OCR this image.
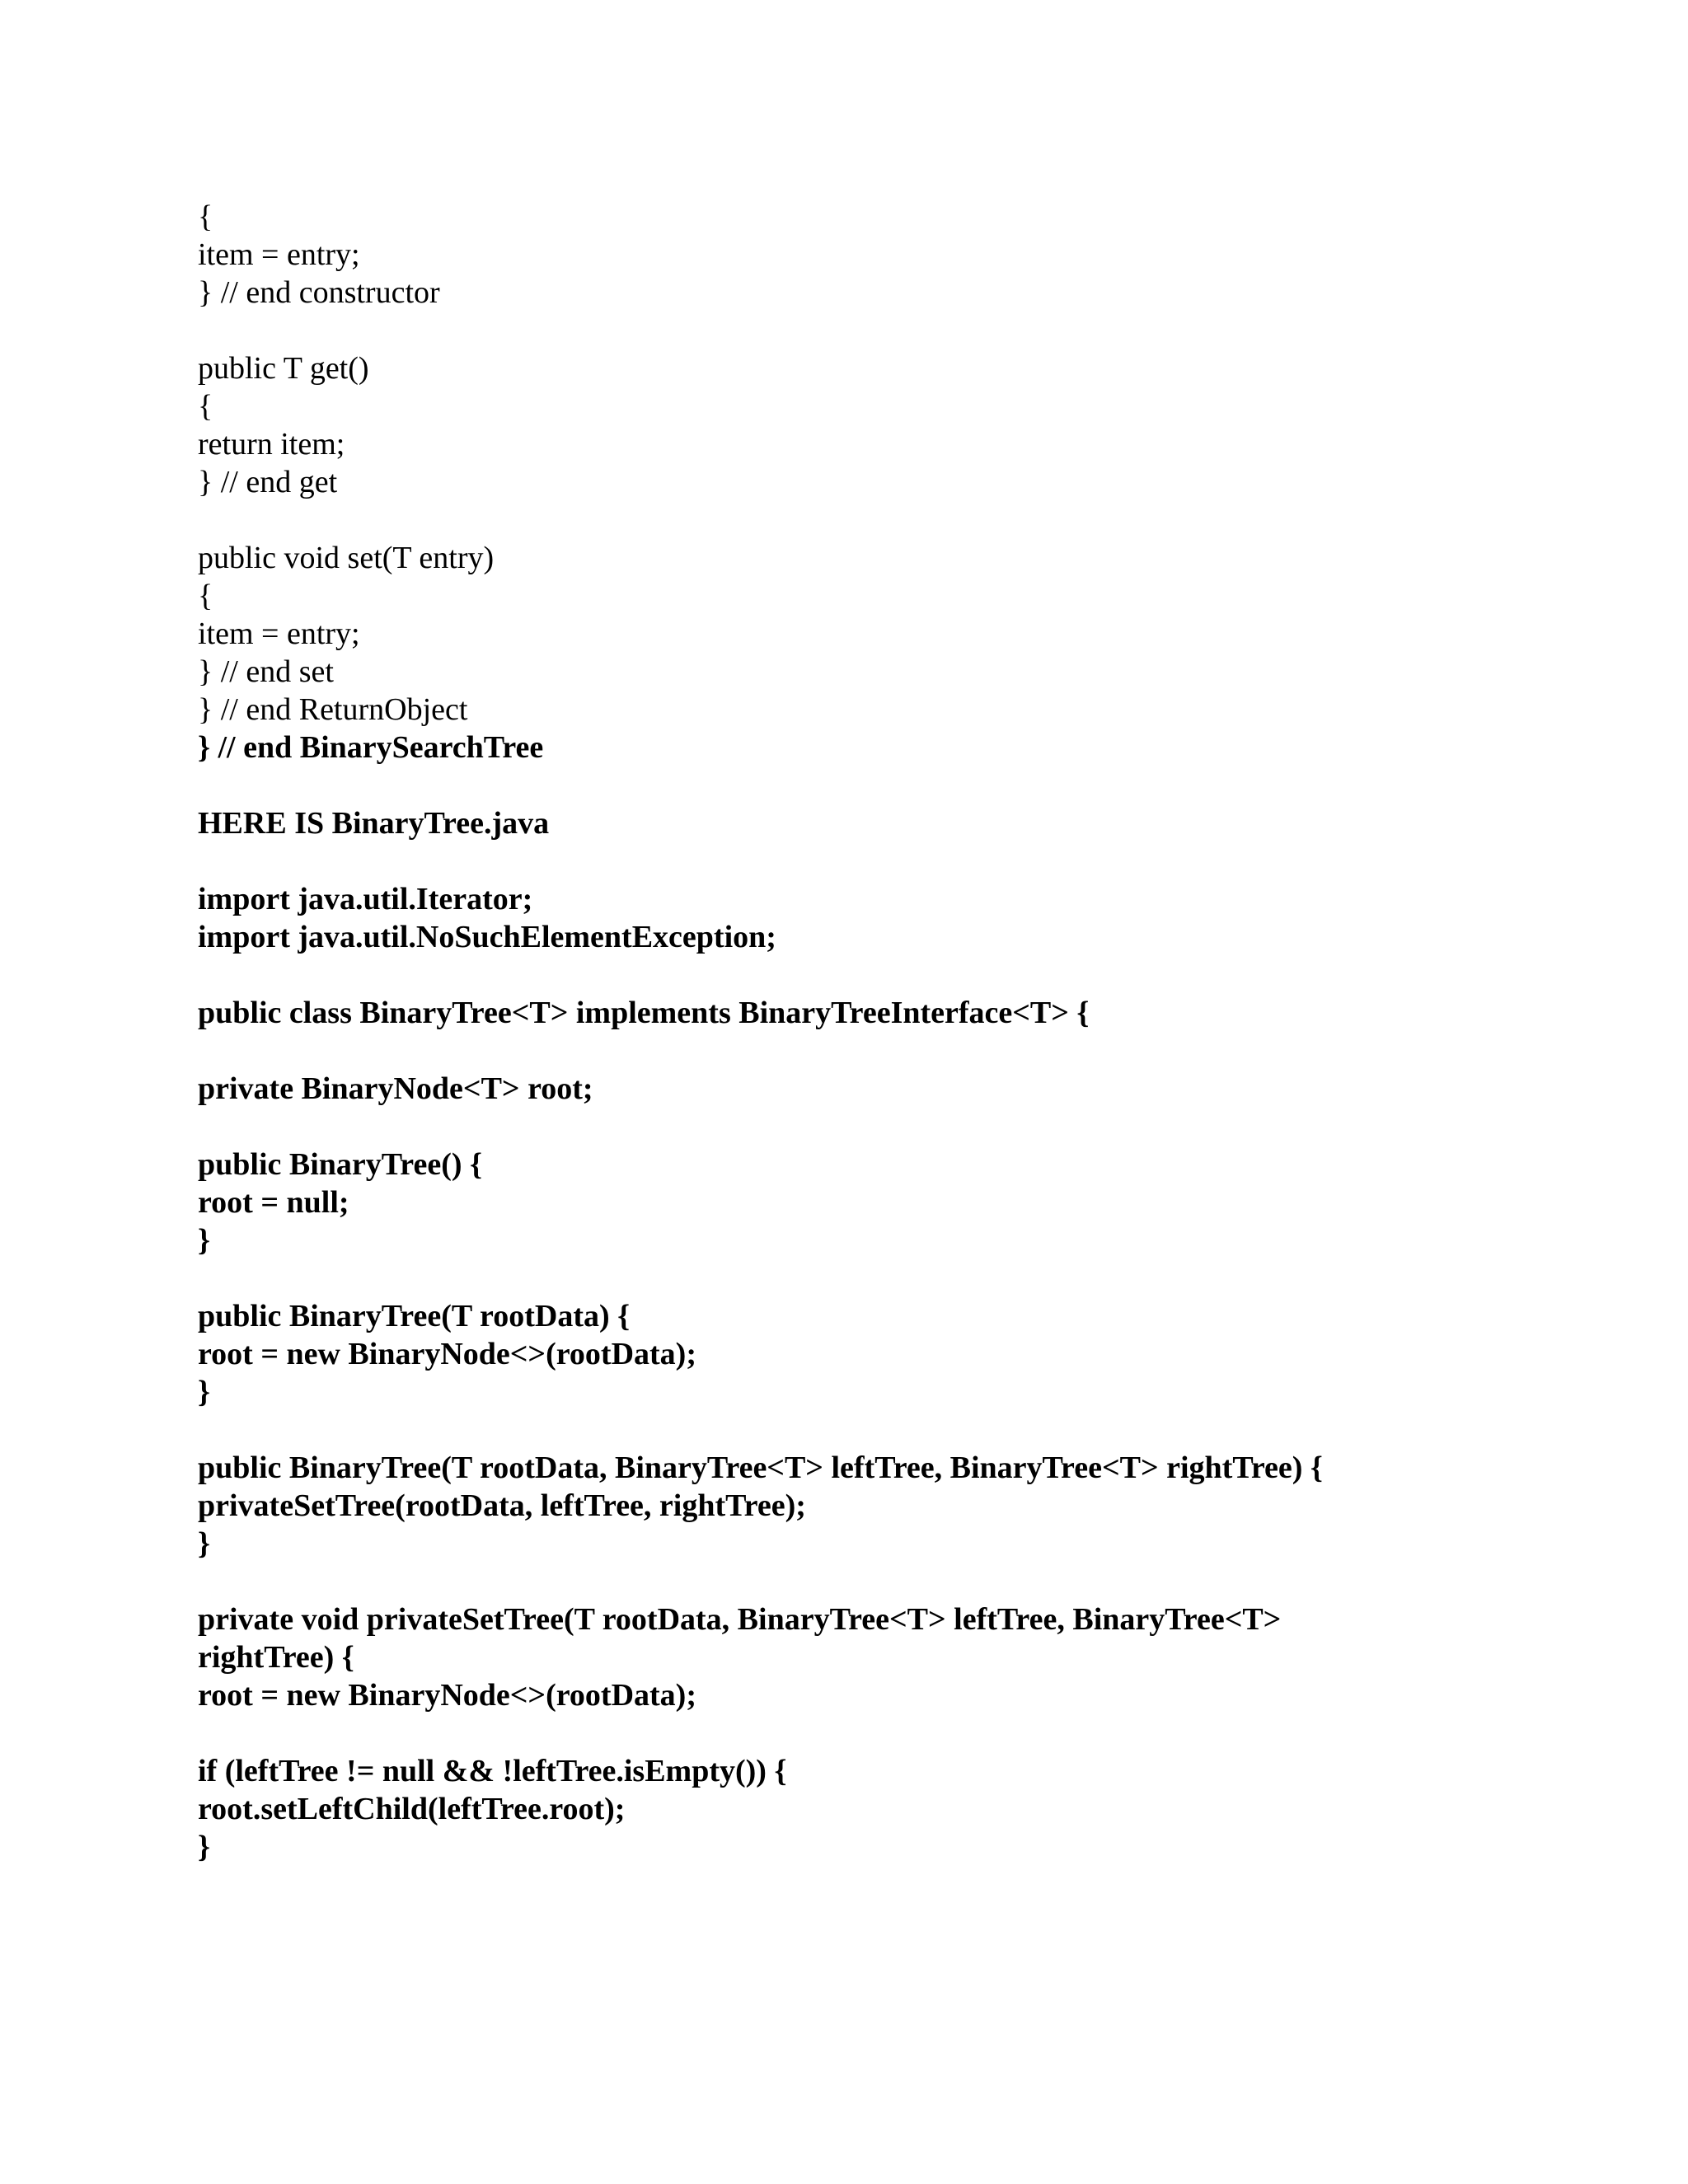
{
item = entry;
} // end constructor
public T get()
{
return item;
} // end get
public void set(T entry)
{
item = entry;
} // end set
} // end ReturnObject
} // end BinarySearchTree
HERE IS BinaryTree.java
import java.util.Iterator;
import java.util.NoSuchElementException;
public class BinaryTree<T> implements BinaryTreeInterface<T> {
private BinaryNode<T> root;
public BinaryTree() {
root = null;
}
public BinaryTree(T rootData) {
root = new BinaryNode<>(rootData);
}
public BinaryTree(T rootData, BinaryTree<T> leftTree, BinaryTree<T> rightTree) {
privateSetTree(rootData, leftTree, rightTree);
}
private void privateSetTree(T rootData, BinaryTree<T> leftTree, BinaryTree<T>
rightTree) {
root = new BinaryNode<>(rootData);
if (leftTree != null && !leftTree.isEmpty()) {
root.setLeftChild(leftTree.root);
}
